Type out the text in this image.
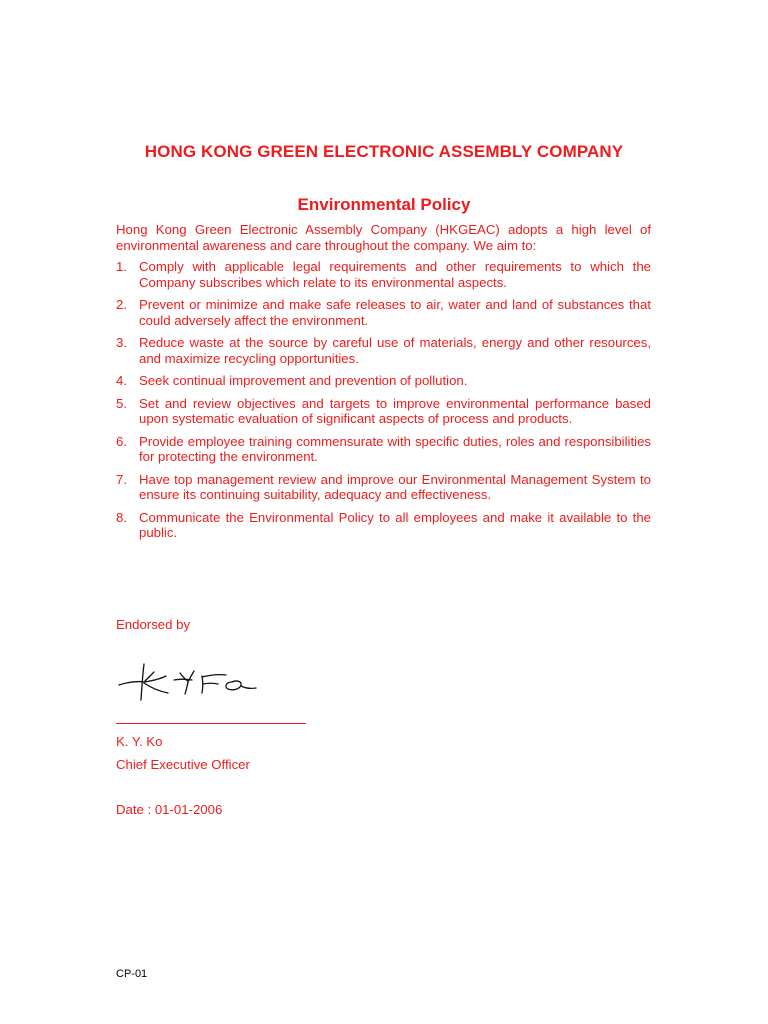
HONG KONG GREEN ELECTRONIC ASSEMBLY COMPANY
Environmental Policy

Hong Kong Green Electronic Assembly Company (HKGEAC) adopts a high level of environmental awareness and care throughout the company. We aim to:

1. Comply with applicable legal requirements and other requirements to which the Company subscribes which relate to its environmental aspects.
2. Prevent or minimize and make safe releases to air, water and land of substances that could adversely affect the environment.
3. Reduce waste at the source by careful use of materials, energy and other resources, and maximize recycling opportunities.
4. Seek continual improvement and prevention of pollution.
5. Set and review objectives and targets to improve environmental performance based upon systematic evaluation of significant aspects of process and products.
6. Provide employee training commensurate with specific duties, roles and responsibilities for protecting the environment.
7. Have top management review and improve our Environmental Management System to ensure its continuing suitability, adequacy and effectiveness.
8. Communicate the Environmental Policy to all employees and make it available to the public.
Endorsed by
K. Y. Ko
Chief Executive Officer
Date : 01-01-2006
CP-01
